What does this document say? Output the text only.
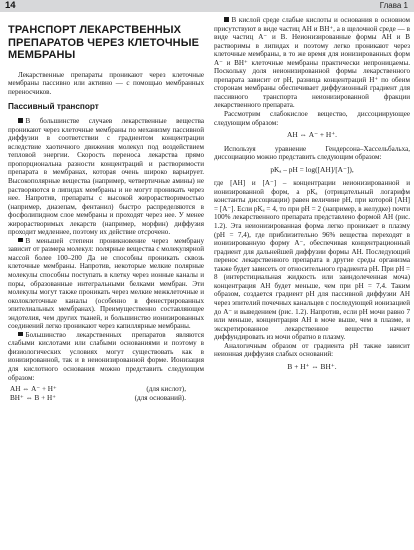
14	Глава 1
ТРАНСПОРТ ЛЕКАРСТВЕННЫХ ПРЕПАРАТОВ ЧЕРЕЗ КЛЕТОЧНЫЕ МЕМБРАНЫ

Лекарственные препараты проникают через клеточные мембраны пассивно или активно — с помощью мембранных переносчиков.

Пассивный транспорт

В большинстве случаев лекарственные вещества проникают через клеточные мембраны по механизму пассивной диффузии в соответствии с градиентом концентрации вследствие хаотичного движения молекул под воздействием тепловой энергии. Скорость переноса лекарства прямо пропорциональна разности концентраций и растворимости препарата в мембранах, которая очень широко варьирует. Высокополярные вещества (например, четвертичные амины) не растворяются в липидах мембраны и не могут проникать через нее. Напротив, препараты с высокой жирорастворимостью (например, диазепам, фентанил) быстро распределяются в фосфолипидном слое мембраны и проходят через нее. У менее жирорастворимых лекарств (например, морфин) диффузия проходит медленнее, поэтому их действие отсрочено.

В меньшей степени проникновение через мембрану зависит от размера молекул: полярные вещества с молекулярной массой более 100–200 Да не способны проникать сквозь клеточные мембраны. Напротив, некоторые мелкие полярные молекулы способны поступать в клетку через ионные каналы и поры, образованные интегральными белками мембран. Эти молекулы могут также проникать через мелкие межклеточные и околоклеточные каналы (особенно в фенестрированных эпителиальных мембранах). Преимущественно составляющее эндотелия, чем других тканей, и большинство ионизированных соединений легко проникают через капиллярные мембраны.

Большинство лекарственных препаратов являются слабыми кислотами или слабыми основаниями и поэтому в физиологических условиях могут существовать как в ионизированной, так и в неионизированной форме. Ионизация для кислотного основания можно представить следующим образом:

АН ⇔ А⁻ + Н⁺	(для кислот),
ВН⁺ ⇔ В + Н⁺	(для оснований).

В кислой среде слабые кислоты и основания в основном присутствуют в виде частиц АН и ВН⁺, а в щелочной среде — в виде частиц А⁻ и В. Неионизированные формы АН и В растворимы в липидах и поэтому легко проникают через клеточные мембраны, в то же время для ионизированных форм А⁻ и ВН⁺ клеточные мембраны практически непроницаемы. Поскольку доля неионизированной формы лекарственного препарата зависит от рН, разница концентраций Н⁺ по обеим сторонам мембраны обеспечивает диффузионный градиент для пассивного транспорта неионизированной фракции лекарственного препарата.

Рассмотрим слабокислое вещество, диссоциирующее следующим образом:

АН ⇔ А⁻ + Н⁺.

Используя уравнение Гендерсона–Хассельбальха, диссоциацию можно представить следующим образом:

рKₐ – рН = log([АН]/[А⁻]),

где [АН] и [А⁻] – концентрации неионизированной и ионизированной форм, а рKₐ (отрицательный логарифм константы диссоциации) равен величине рН, при которой [АН] = [А⁻]. Если рKₐ = 4, то при рН = 2 (например, в желудке) почти 100% лекарственного препарата представлено формой АН (рис. 1.2). Эта неионизированная форма легко проникает в плазму (рН = 7,4), где приблизительно 96% вещества переходят в ионизированную форму А⁻, обеспечивая концентрационный градиент для дальнейшей диффузии формы АН. Последующий перенос лекарственного препарата в другие среды организма также будет зависеть от относительного градиента рН. При рН = 8 (интерстициальная жидкость или заиндолеченная моча) концентрация АН будет меньше, чем при рН = 7,4. Таким образом, создается градиент рН для пассивной диффузии АН через эпителий почечных канальцев с последующей ионизацией до А⁻ и выведением (рис. 1.2). Напротив, если рН мочи равно 7 или меньше, концентрация АН в моче выше, чем в плазме, и экскретированное лекарственное вещество начнет диффундировать из мочи обратно в плазму.

Аналогичным образом от градиента рН также зависит неионная диффузия слабых оснований:

В + Н⁺ ⇔ ВН⁺.
